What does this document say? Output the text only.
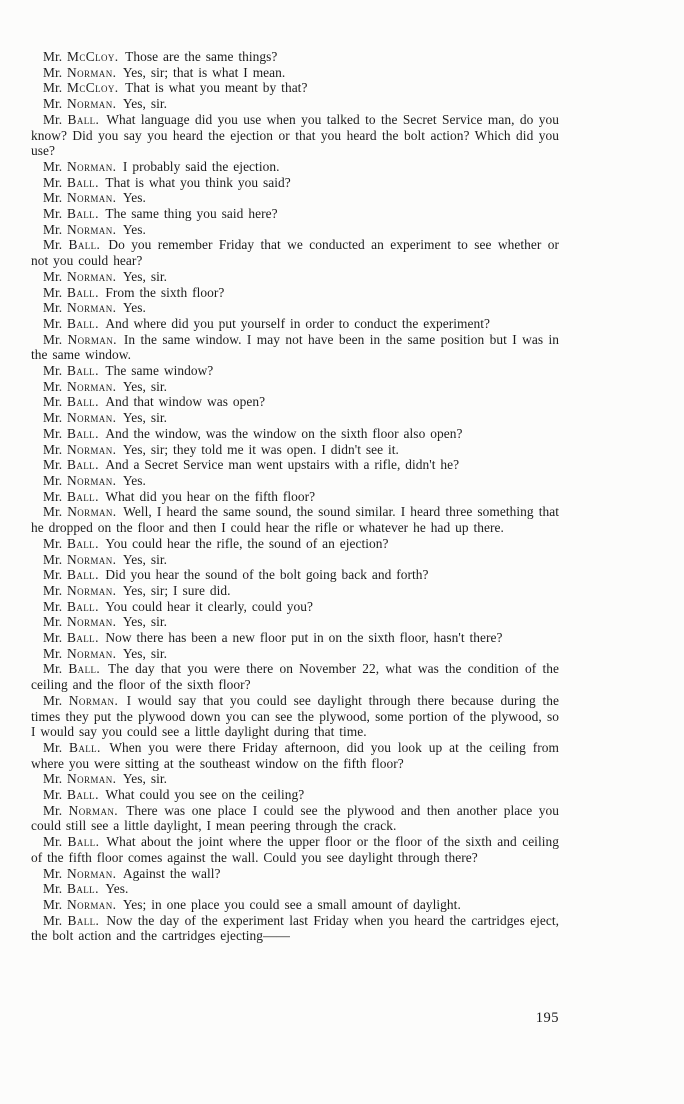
Mr. McCloy. Those are the same things?

Mr. Norman. Yes, sir; that is what I mean.

Mr. McCloy. That is what you meant by that?

Mr. Norman. Yes, sir.

Mr. Ball. What language did you use when you talked to the Secret Service man, do you know? Did you say you heard the ejection or that you heard the bolt action? Which did you use?

Mr. Norman. I probably said the ejection.

Mr. Ball. That is what you think you said?

Mr. Norman. Yes.

Mr. Ball. The same thing you said here?

Mr. Norman. Yes.

Mr. Ball. Do you remember Friday that we conducted an experiment to see whether or not you could hear?

Mr. Norman. Yes, sir.

Mr. Ball. From the sixth floor?

Mr. Norman. Yes.

Mr. Ball. And where did you put yourself in order to conduct the experiment?

Mr. Norman. In the same window. I may not have been in the same position but I was in the same window.

Mr. Ball. The same window?

Mr. Norman. Yes, sir.

Mr. Ball. And that window was open?

Mr. Norman. Yes, sir.

Mr. Ball. And the window, was the window on the sixth floor also open?

Mr. Norman. Yes, sir; they told me it was open. I didn't see it.

Mr. Ball. And a Secret Service man went upstairs with a rifle, didn't he?

Mr. Norman. Yes.

Mr. Ball. What did you hear on the fifth floor?

Mr. Norman. Well, I heard the same sound, the sound similar. I heard three something that he dropped on the floor and then I could hear the rifle or whatever he had up there.

Mr. Ball. You could hear the rifle, the sound of an ejection?

Mr. Norman. Yes, sir.

Mr. Ball. Did you hear the sound of the bolt going back and forth?

Mr. Norman. Yes, sir; I sure did.

Mr. Ball. You could hear it clearly, could you?

Mr. Norman. Yes, sir.

Mr. Ball. Now there has been a new floor put in on the sixth floor, hasn't there?

Mr. Norman. Yes, sir.

Mr. Ball. The day that you were there on November 22, what was the condition of the ceiling and the floor of the sixth floor?

Mr. Norman. I would say that you could see daylight through there because during the times they put the plywood down you can see the plywood, some portion of the plywood, so I would say you could see a little daylight during that time.

Mr. Ball. When you were there Friday afternoon, did you look up at the ceiling from where you were sitting at the southeast window on the fifth floor?

Mr. Norman. Yes, sir.

Mr. Ball. What could you see on the ceiling?

Mr. Norman. There was one place I could see the plywood and then another place you could still see a little daylight, I mean peering through the crack.

Mr. Ball. What about the joint where the upper floor or the floor of the sixth and ceiling of the fifth floor comes against the wall. Could you see daylight through there?

Mr. Norman. Against the wall?

Mr. Ball. Yes.

Mr. Norman. Yes; in one place you could see a small amount of daylight.

Mr. Ball. Now the day of the experiment last Friday when you heard the cartridges eject, the bolt action and the cartridges ejecting——

195
